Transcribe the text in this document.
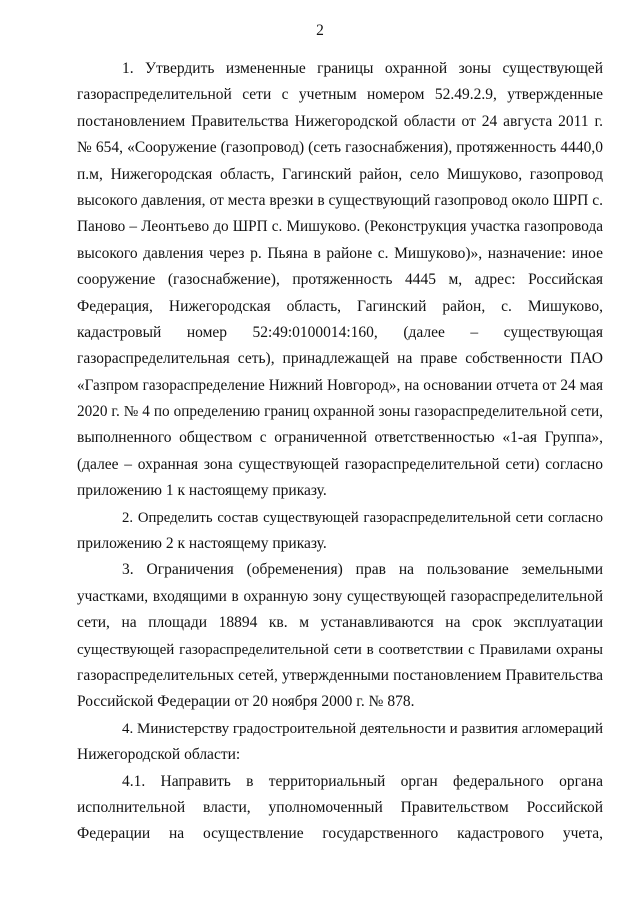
2
1. Утвердить измененные границы охранной зоны существующей
газораспределительной сети с учетным номером 52.49.2.9, утвержденные
постановлением Правительства Нижегородской области от 24 августа 2011 г.
№ 654, «Сооружение (газопровод) (сеть газоснабжения), протяженность 4440,0
п.м, Нижегородская область, Гагинский район, село Мишуково, газопровод
высокого давления, от места врезки в существующий газопровод около ШРП с.
Паново – Леонтьево до ШРП с. Мишуково. (Реконструкция участка газопровода
высокого давления через р. Пьяна в районе с. Мишуково)», назначение: иное
сооружение (газоснабжение), протяженность 4445 м, адрес: Российская
Федерация, Нижегородская область, Гагинский район, с. Мишуково,
кадастровый номер 52:49:0100014:160, (далее – существующая
газораспределительная сеть), принадлежащей на праве собственности ПАО
«Газпром газораспределение Нижний Новгород», на основании отчета от 24 мая
2020 г. № 4 по определению границ охранной зоны газораспределительной сети,
выполненного обществом с ограниченной ответственностью «1-ая Группа»,
(далее – охранная зона существующей газораспределительной сети) согласно
приложению 1 к настоящему приказу.
2. Определить состав существующей газораспределительной сети согласно
приложению 2 к настоящему приказу.
3. Ограничения (обременения) прав на пользование земельными
участками, входящими в охранную зону существующей газораспределительной
сети, на площади 18894 кв. м устанавливаются на срок эксплуатации
существующей газораспределительной сети в соответствии с Правилами охраны
газораспределительных сетей, утвержденными постановлением Правительства
Российской Федерации от 20 ноября 2000 г. № 878.
4. Министерству градостроительной деятельности и развития агломераций
Нижегородской области:
4.1. Направить в территориальный орган федерального органа
исполнительной власти, уполномоченный Правительством Российской
Федерации на осуществление государственного кадастрового учета,
